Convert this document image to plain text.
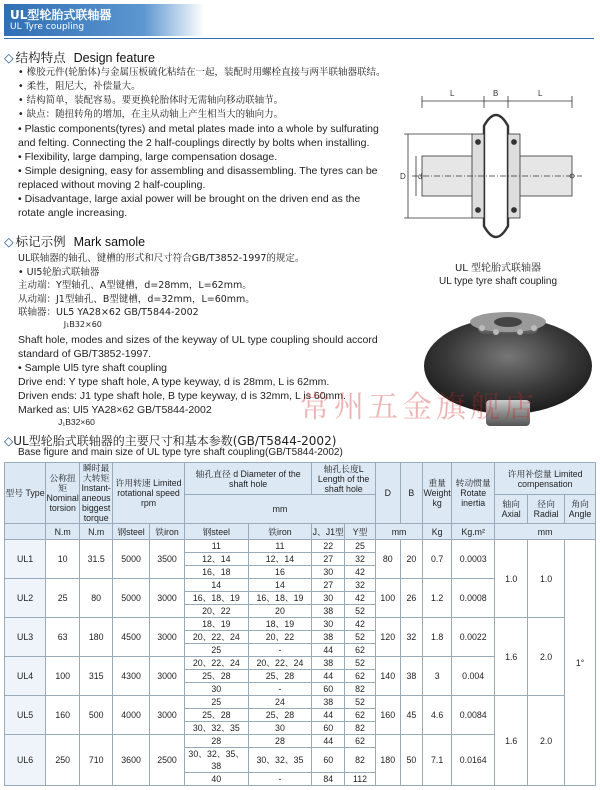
UL型轮胎式联轴器
UL Tyre coupling
◇ 结构特点 Design feature
• 橡胶元件(轮胎体)与金属压板硫化粘结在一起，装配时用螺栓直接与两半联轴器联结。
• 柔性，阻尼大，补偿量大。
• 结构简单，装配容易。要更换轮胎体时无需轴向移动联轴节。
• 缺点：随扭转角的增加，在主从动轴上产生相当大的轴向力。
• Plastic components(tyres) and metal plates made into a whole by sulfurating and felting. Connecting the 2 half-couplings directly by bolts when installing.
• Flexibility, large damping, large compensation dosage.
• Simple designing, easy for assembling and disassembling. The tyres can be replaced without moving 2 half-coupling.
• Disadvantage, large axial power will be brought on the driven end as the rotate angle increasing.
L	B	L
D d
UL 型轮胎式联轴器
UL type tyre shaft coupling
◇ 标记示例 Mark samole
UL联轴器的轴孔、键槽的形式和尺寸符合GB/T3852-1997的规定。
• UI5轮胎式联轴器
主动端：Y型轴孔、A型键槽，d=28mm，L=62mm。
从动端：J1型轴孔、B型键槽，d=32mm，L=60mm。
联轴器：UL5 YA28×62 GB/T5844-2002
J₁B32×60
Shaft hole, modes and sizes of the keyway of UL type coupling should accord standard of GB/T3852-1997.
• Sample Ul5 tyre shaft coupling
Drive end: Y type shaft hole, A type keyway, d is 28mm, L is 62mm.
Driven ends: J1 type shaft hole, B type keyway, d is 32mm, L is 60mm.
Marked as: Ul5 YA28×62 GB/T5844-2002
J₁B32×60	常州五金旗舰店
◇UL型轮胎式联轴器的主要尺寸和基本参数(GB/T5844-2002)
Base figure and main size of UL type tyre shaft coupling(GB/T5844-2002)
型号 Type	公称扭矩 Nominal torsion	瞬时最大转矩 Instant-aneous biggest torque	许用转速 Limited rotational speed rpm		轴孔直径 d Diameter of the shaft hole		轴孔长度L Length of the shaft hole		D	B	重量 Weight kg	转动惯量 Rotate inertia	许用补偿量 Limited compensation		
					mm								轴向 Axial	径向 Radial	角向 Angle
	N.m	N.m	钢steel	铁iron	钢steel	铁iron	J、J1型	Y型	mm		Kg	Kg.m²	mm		
UL1	10	31.5	5000	3500	11	11	22	25	80	20	0.7	0.0003	1.0	1.0	1°
					12、14	12、14	27	32							
					16、18	16	30	42							
UL2	25	80	5000	3000	14	14	27	32	100	26	1.2	0.0008			
					16、18、19	16、18、19	30	42							
					20、22	20	38	52							
UL3	63	180	4500	3000	18、19	18、19	30	42	120	32	1.8	0.0022	1.6	2.0	
					20、22、24	20、22	38	52							
					25	-	44	62							
UL4	100	315	4300	3000	20、22、24	20、22、24	38	52	140	38	3	0.004			
					25、28	25、28	44	62							
					30	-	60	82							
UL5	160	500	4000	3000	25	24	38	52	160	45	4.6	0.0084	1.6	2.0	
					25、28	25、28	44	62							
					30、32、35	30	60	82							
UL6	250	710	3600	2500	28	28	44	62	180	50	7.1	0.0164			
					30、32、35、38	30、32、35	60	82							
					40	-	84	112							
